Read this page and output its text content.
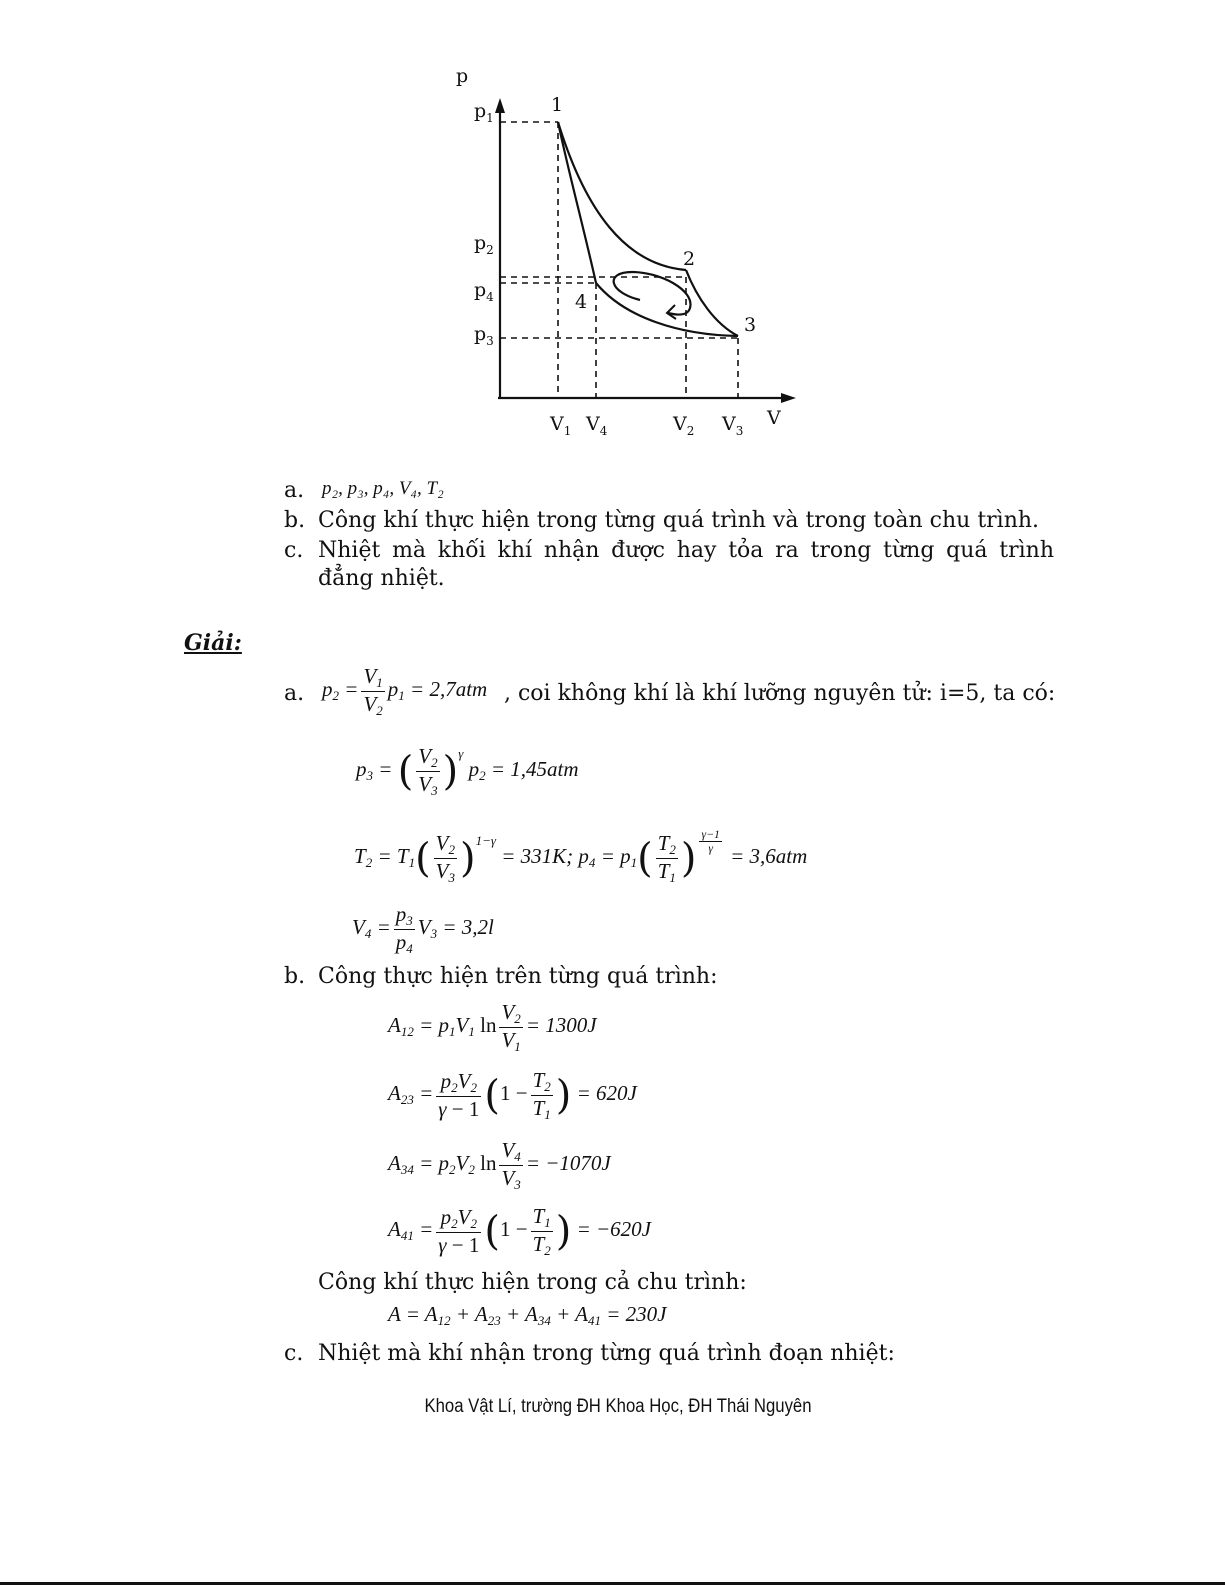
p
V
$p_1$
$p_2$
$p_4$
$p_3$
$V_1$ $V_4$	$V_2$ $V_3$
1
2
3
4
a. p₂, p₃, p₄, V₄, T₂
b. Công khí thực hiện trong từng quá trình và trong toàn chu trình.
c. Nhiệt mà khối khí nhận được hay tỏa ra trong từng quá trình
đẳng nhiệt.
Giải:
a. $p_2 = \frac{V_1}{V_2} p_1 = 2,7atm$ , coi không khí là khí lưỡng nguyên tử: i=5, ta có:
$p_3$ = ( $\frac{V_2}{V_3} )^\gamma$ $p_2 = 1,45atm$
$T_2 = T_1( \frac{V_2}{V_3} )^{1-\gamma} = 331K$; $p_4 = p_1( \frac{T_2}{T_1}$ ) $^{\frac{\gamma-1}{\gamma}}$
= 3,6atm
$V_4 = \frac{p_3}{p_4} V_3 = 3,2l$
b. Công thực hiện trên từng quá trình:
$A_{12} = p_1V_1$ $\ln \frac{V_2}{V_1} = 1300J$
$A_{23} = \frac{p_2V_2}{\gamma - 1} (1 - \frac{T_2}{T_1}$ ) = 620J
$A_{34} = p_2V_2$ $\ln \frac{V_4}{V_3} = -1070J$
$A_{41} = \frac{p_2V_2}{\gamma - 1} (1 - \frac{T_1}{T_2}$ ) = −620J
Công khí thực hiện trong cả chu trình:
$A = A_{12} + A_{23} + A_{34} + A_{41} = 230J$
c. Nhiệt mà khí nhận trong từng quá trình đoạn nhiệt:
Khoa Vật Lí, trường ĐH Khoa Học, ĐH Thái Nguyên
